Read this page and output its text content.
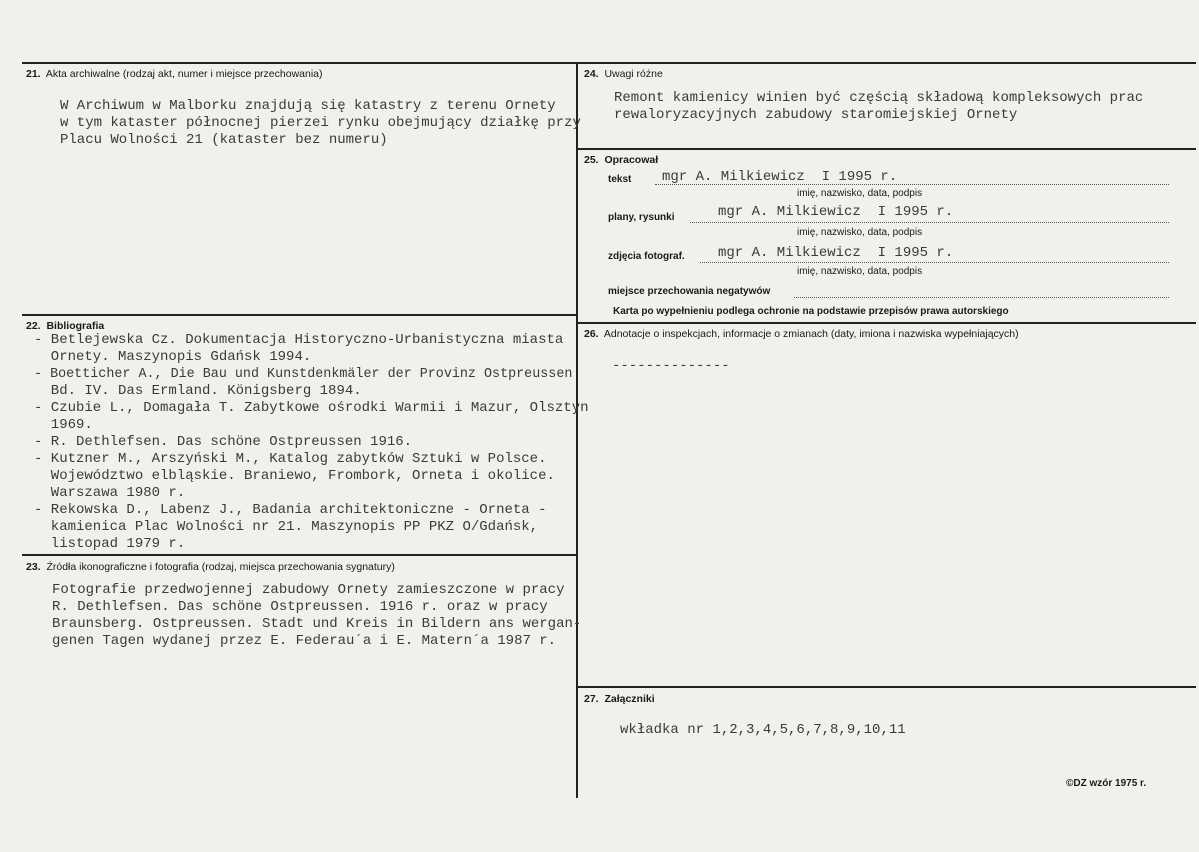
21. Akta archiwalne (rodzaj akt, numer i miejsce przechowania)
W Archiwum w Malborku znajdują się katastry z terenu Ornety
w tym kataster północnej pierzei rynku obejmujący działkę przy
Placu Wolności 21 (kataster bez numeru)
22. Bibliografia
- Betlejewska Cz. Dokumentacja Historyczno-Urbanistyczna miasta
Ornety. Maszynopis Gdańsk 1994.
- Boetticher A., Die Bau und Kunstdenkmäler der Provinz Ostpreussen
Bd. IV. Das Ermland. Königsberg 1894.
- Czubie L., Domagała T. Zabytkowe ośrodki Warmii i Mazur, Olsztyn
1969.
- R. Dethlefsen. Das schöne Ostpreussen 1916.
- Kutzner M., Arszyński M., Katalog zabytków Sztuki w Polsce.
Województwo elbląskie. Braniewo, Frombork, Orneta i okolice.
Warszawa 1980 r.
- Rekowska D., Labenz J., Badania architektoniczne - Orneta -
kamienica Plac Wolności nr 21. Maszynopis PP PKZ O/Gdańsk,
listopad 1979 r.
23. Źródła ikonograficzne i fotografia (rodzaj, miejsca przechowania sygnatury)
Fotografie przedwojennej zabudowy Ornety zamieszczone w pracy
R. Dethlefsen. Das schöne Ostpreussen. 1916 r. oraz w pracy
Braunsberg. Ostpreussen. Stadt und Kreis in Bildern ans wergan-
genen Tagen wydanej przez E. Federau´a i E. Matern´a 1987 r.
24. Uwagi różne
Remont kamienicy winien być częścią składową kompleksowych prac
rewaloryzacyjnych zabudowy staromiejskiej Ornety
25. Opracował
tekst mgr A. Milkiewicz  I 1995 r.
imię, nazwisko, data, podpis
plany, rysunki	mgr A. Milkiewicz  I 1995 r.
imię, nazwisko, data, podpis
zdjęcia fotograf. mgr A. Milkiewicz  I 1995 r.
imię, nazwisko, data, podpis
miejsce przechowania negatywów
Karta po wypełnieniu podlega ochronie na podstawie przepisów prawa autorskiego
26. Adnotacje o inspekcjach, informacje o zmianach (daty, imiona i nazwiska wypełniających)
--------------
27. Załączniki
wkładka nr 1,2,3,4,5,6,7,8,9,10,11
©DZ wzór 1975 r.
